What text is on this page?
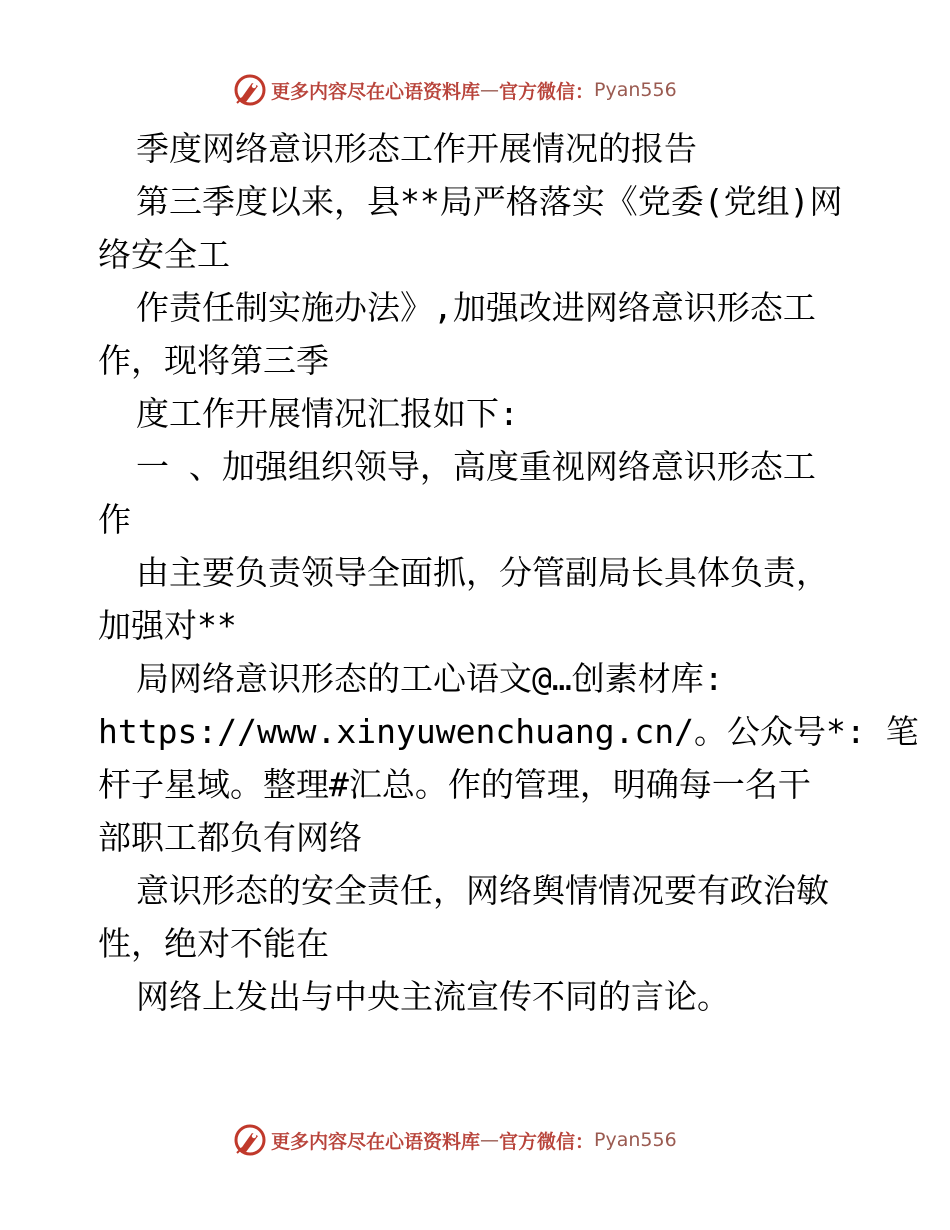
更多内容尽在心语资料库 — 官方微信： Pyan556
季度网络意识形态工作开展情况的报告
第三季度以来，县**局严格落实《党委(党组)网
络安全工
作责任制实施办法》,加强改进网络意识形态工
作，现将第三季
度工作开展情况汇报如下:
一 、加强组织领导，高度重视网络意识形态工
作
由主要负责领导全面抓，分管副局长具体负责，
加强对**
局网络意识形态的工心语文@…创素材库:
https://www.xinyuwenchuang.cn/。公众号*: 笔
杆子星域。整理#汇总。作的管理，明确每一名干
部职工都负有网络
意识形态的安全责任，网络舆情情况要有政治敏
性，绝对不能在
网络上发出与中央主流宣传不同的言论。
更多内容尽在心语资料库 — 官方微信： Pyan556
